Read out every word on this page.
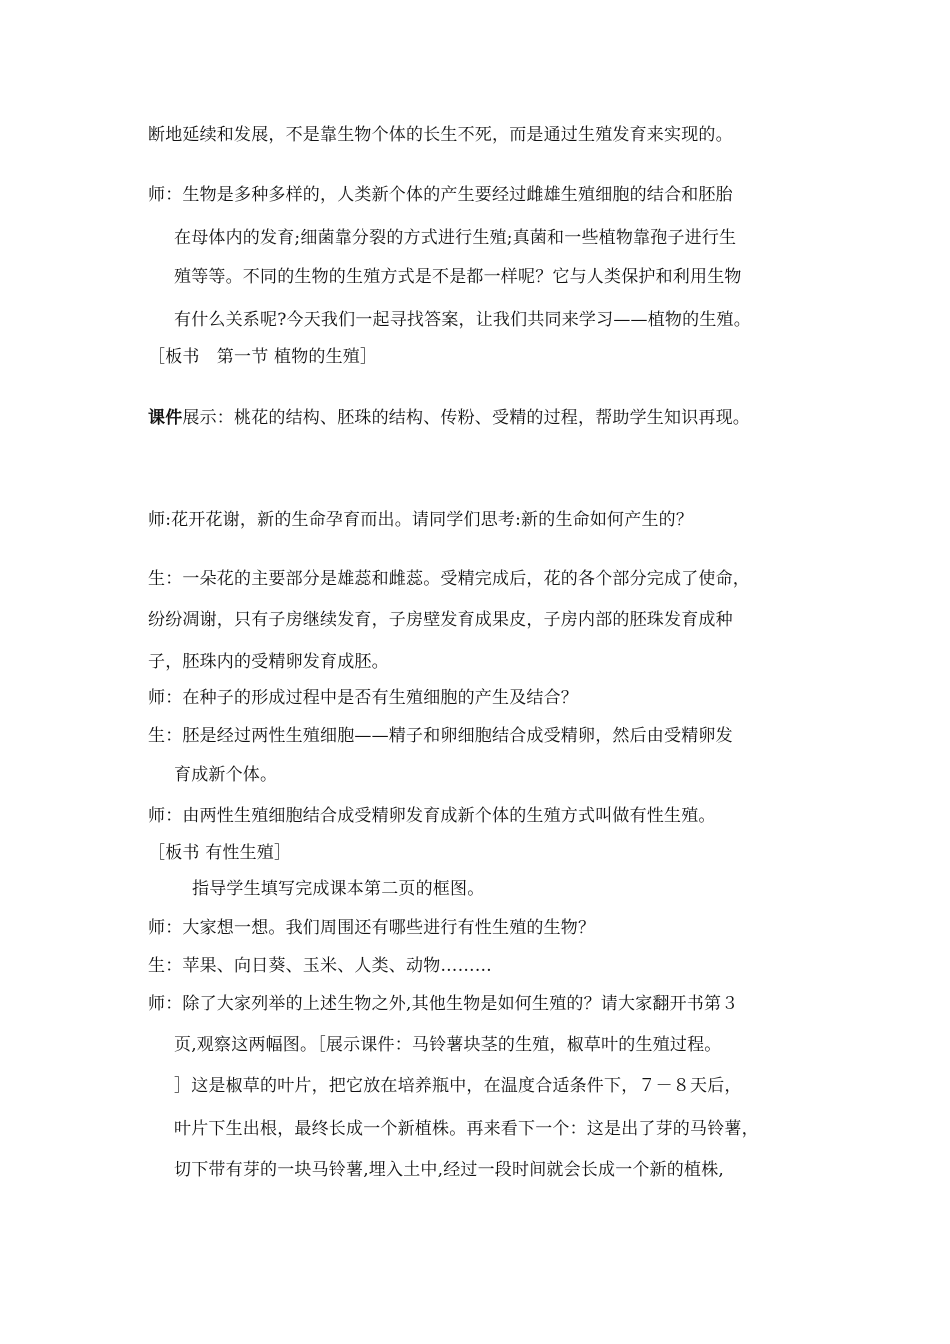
断地延续和发展，不是靠生物个体的长生不死，而是通过生殖发育来实现的。
师：生物是多种多样的，人类新个体的产生要经过雌雄生殖细胞的结合和胚胎
在母体内的发育;细菌靠分裂的方式进行生殖;真菌和一些植物靠孢子进行生
殖等等。不同的生物的生殖方式是不是都一样呢？它与人类保护和利用生物
有什么关系呢?今天我们一起寻找答案，让我们共同来学习——植物的生殖。
［板书　第一节 植物的生殖］
课件展示：桃花的结构、胚珠的结构、传粉、受精的过程，帮助学生知识再现。
师:花开花谢，新的生命孕育而出。请同学们思考:新的生命如何产生的？
生：一朵花的主要部分是雄蕊和雌蕊。受精完成后，花的各个部分完成了使命，
纷纷凋谢，只有子房继续发育，子房壁发育成果皮，子房内部的胚珠发育成种
子，胚珠内的受精卵发育成胚。
师：在种子的形成过程中是否有生殖细胞的产生及结合？
生：胚是经过两性生殖细胞——精子和卵细胞结合成受精卵，然后由受精卵发
育成新个体。
师：由两性生殖细胞结合成受精卵发育成新个体的生殖方式叫做有性生殖。
［板书 有性生殖］
指导学生填写完成课本第二页的框图。
师：大家想一想。我们周围还有哪些进行有性生殖的生物？
生：苹果、向日葵、玉米、人类、动物………
师：除了大家列举的上述生物之外,其他生物是如何生殖的？请大家翻开书第３
页,观察这两幅图。［展示课件：马铃薯块茎的生殖，椒草叶的生殖过程。
］这是椒草的叶片，把它放在培养瓶中，在温度合适条件下，７－８天后，
叶片下生出根，最终长成一个新植株。再来看下一个：这是出了芽的马铃薯，
切下带有芽的一块马铃薯,埋入土中,经过一段时间就会长成一个新的植株,
